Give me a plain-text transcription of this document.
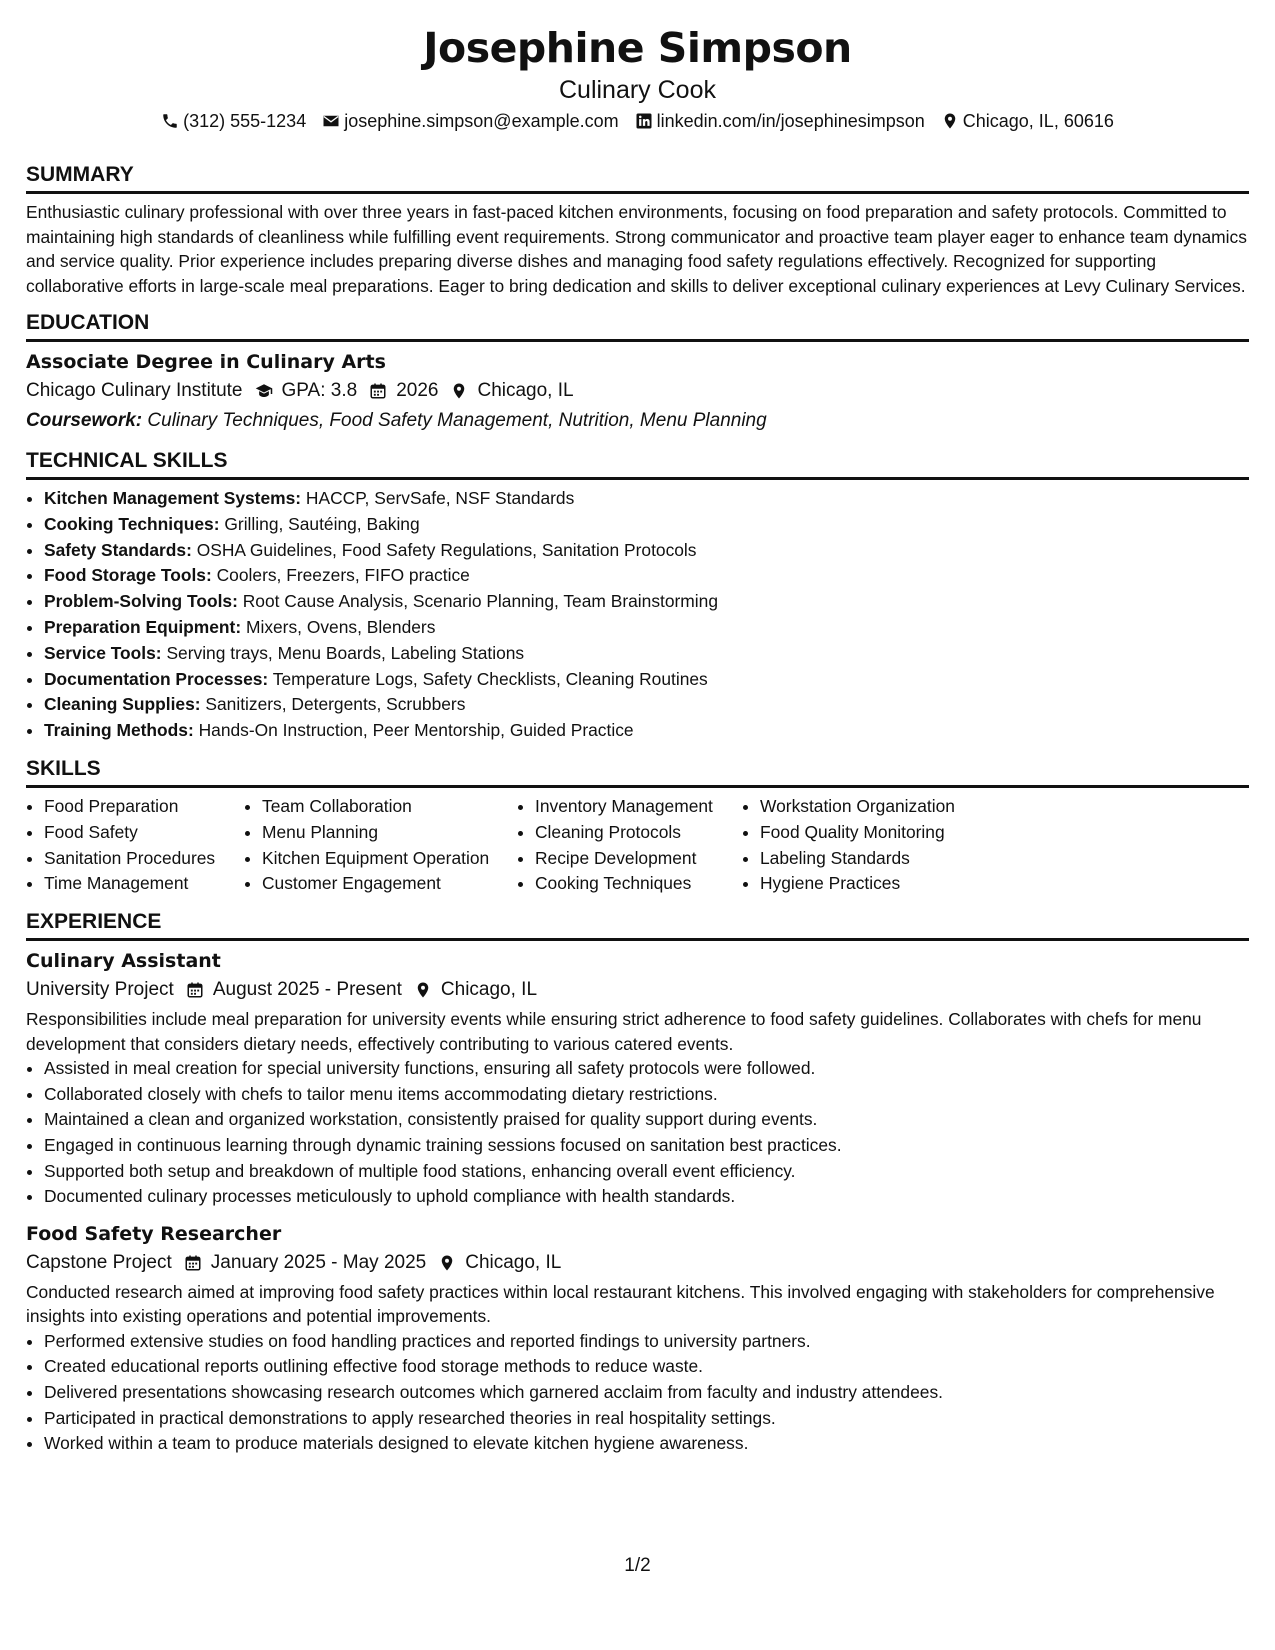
Josephine Simpson
Culinary Cook
(312) 555-1234 josephine.simpson@example.com linkedin.com/in/josephinesimpson Chicago, IL, 60616
SUMMARY

Enthusiastic culinary professional with over three years in fast-paced kitchen environments, focusing on food preparation and safety protocols. Committed to maintaining high standards of cleanliness while fulfilling event requirements. Strong communicator and proactive team player eager to enhance team dynamics and service quality. Prior experience includes preparing diverse dishes and managing food safety regulations effectively. Recognized for supporting collaborative efforts in large-scale meal preparations. Eager to bring dedication and skills to deliver exceptional culinary experiences at Levy Culinary Services.

EDUCATION
Associate Degree in Culinary Arts
Chicago Culinary Institute GPA: 3.8 2026 Chicago, IL
Coursework: Culinary Techniques, Food Safety Management, Nutrition, Menu Planning
TECHNICAL SKILLS
• Kitchen Management Systems: HACCP, ServSafe, NSF Standards
• Cooking Techniques: Grilling, Sautéing, Baking
• Safety Standards: OSHA Guidelines, Food Safety Regulations, Sanitation Protocols
• Food Storage Tools: Coolers, Freezers, FIFO practice
• Problem-Solving Tools: Root Cause Analysis, Scenario Planning, Team Brainstorming
• Preparation Equipment: Mixers, Ovens, Blenders
• Service Tools: Serving trays, Menu Boards, Labeling Stations
• Documentation Processes: Temperature Logs, Safety Checklists, Cleaning Routines
• Cleaning Supplies: Sanitizers, Detergents, Scrubbers
• Training Methods: Hands-On Instruction, Peer Mentorship, Guided Practice
SKILLS
• Food Preparation
• Food Safety
• Sanitation Procedures
• Time Management
• Team Collaboration
• Menu Planning
• Kitchen Equipment Operation
• Customer Engagement
• Inventory Management
• Cleaning Protocols
• Recipe Development
• Cooking Techniques
• Workstation Organization
• Food Quality Monitoring
• Labeling Standards
• Hygiene Practices
EXPERIENCE
Culinary Assistant
University Project August 2025 - Present Chicago, IL

Responsibilities include meal preparation for university events while ensuring strict adherence to food safety guidelines. Collaborates with chefs for menu development that considers dietary needs, effectively contributing to various catered events.

• Assisted in meal creation for special university functions, ensuring all safety protocols were followed.
• Collaborated closely with chefs to tailor menu items accommodating dietary restrictions.
• Maintained a clean and organized workstation, consistently praised for quality support during events.
• Engaged in continuous learning through dynamic training sessions focused on sanitation best practices.
• Supported both setup and breakdown of multiple food stations, enhancing overall event efficiency.
• Documented culinary processes meticulously to uphold compliance with health standards.
Food Safety Researcher
Capstone Project January 2025 - May 2025 Chicago, IL

Conducted research aimed at improving food safety practices within local restaurant kitchens. This involved engaging with stakeholders for comprehensive insights into existing operations and potential improvements.

• Performed extensive studies on food handling practices and reported findings to university partners.
• Created educational reports outlining effective food storage methods to reduce waste.
• Delivered presentations showcasing research outcomes which garnered acclaim from faculty and industry attendees.
• Participated in practical demonstrations to apply researched theories in real hospitality settings.
• Worked within a team to produce materials designed to elevate kitchen hygiene awareness.
1/2
